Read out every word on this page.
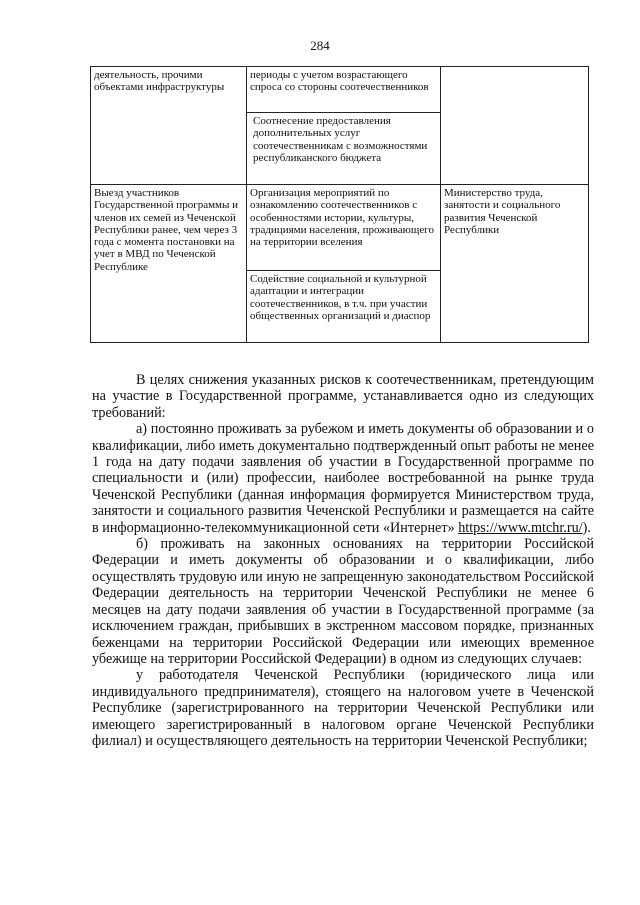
284
деятельность, прочими объектами инфраструктуры	периоды с учетом возрастающего спроса со стороны соотечественников	
	Соотнесение предоставления дополнительных услуг соотечественникам с возможностями республиканского бюджета	
Выезд участников Государственной программы и членов их семей из Чеченской Республики ранее, чем через 3 года с момента постановки на учет в МВД по Чеченской Республике	Организация мероприятий по ознакомлению соотечественников с особенностями истории, культуры, традициями населения, проживающего на территории вселения	Министерство труда, занятости и социального развития Чеченской Республики
	Содействие социальной и культурной адаптации и интеграции соотечественников, в т.ч. при участии общественных организаций и диаспор	

В целях снижения указанных рисков к соотечественникам, претендующим на участие в Государственной программе, устанавливается одно из следующих требований:

а) постоянно проживать за рубежом и иметь документы об образовании и о квалификации, либо иметь документально подтвержденный опыт работы не менее 1 года на дату подачи заявления об участии в Государственной программе по специальности и (или) профессии, наиболее востребованной на рынке труда Чеченской Республики (данная информация формируется Министерством труда, занятости и социального развития Чеченской Республики и размещается на сайте в информационно-телекоммуникационной сети «Интернет» https://www.mtchr.ru/).

б) проживать на законных основаниях на территории Российской Федерации и иметь документы об образовании и о квалификации, либо осуществлять трудовую или иную не запрещенную законодательством Российской Федерации деятельность на территории Чеченской Республики не менее 6 месяцев на дату подачи заявления об участии в Государственной программе (за исключением граждан, прибывших в экстренном массовом порядке, признанных беженцами на территории Российской Федерации или имеющих временное убежище на территории Российской Федерации) в одном из следующих случаев:

у работодателя Чеченской Республики (юридического лица или индивидуального предпринимателя), стоящего на налоговом учете в Чеченской Республике (зарегистрированного на территории Чеченской Республики или имеющего зарегистрированный в налоговом органе Чеченской Республики филиал) и осуществляющего деятельность на территории Чеченской Республики;
